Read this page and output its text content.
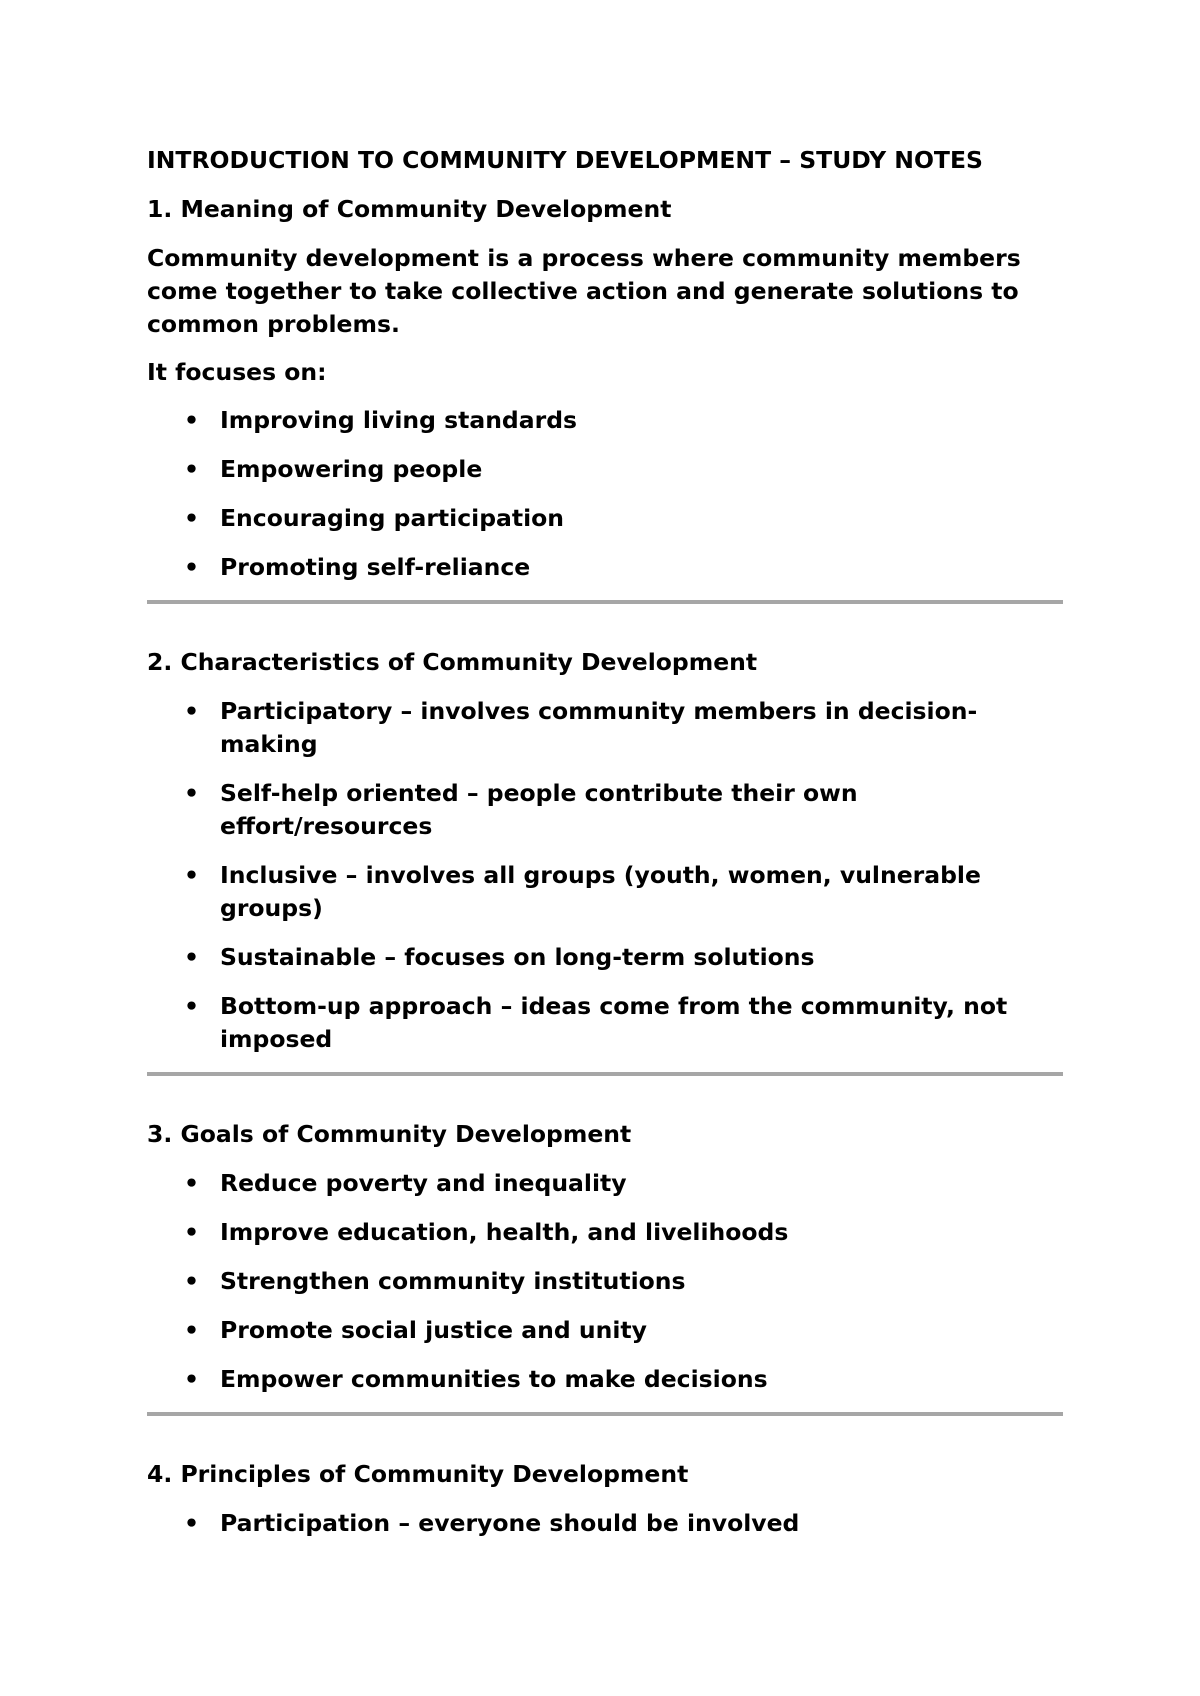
INTRODUCTION TO COMMUNITY DEVELOPMENT – STUDY NOTES
1. Meaning of Community Development
Community development is a process where community members come together to take collective action and generate solutions to common problems.
It focuses on:
• Improving living standards
• Empowering people
• Encouraging participation
• Promoting self-reliance
2. Characteristics of Community Development
• Participatory – involves community members in decision-making
• Self-help oriented – people contribute their own effort/resources
• Inclusive – involves all groups (youth, women, vulnerable groups)
• Sustainable – focuses on long-term solutions
• Bottom-up approach – ideas come from the community, not imposed
3. Goals of Community Development
• Reduce poverty and inequality
• Improve education, health, and livelihoods
• Strengthen community institutions
• Promote social justice and unity
• Empower communities to make decisions
4. Principles of Community Development
• Participation – everyone should be involved
